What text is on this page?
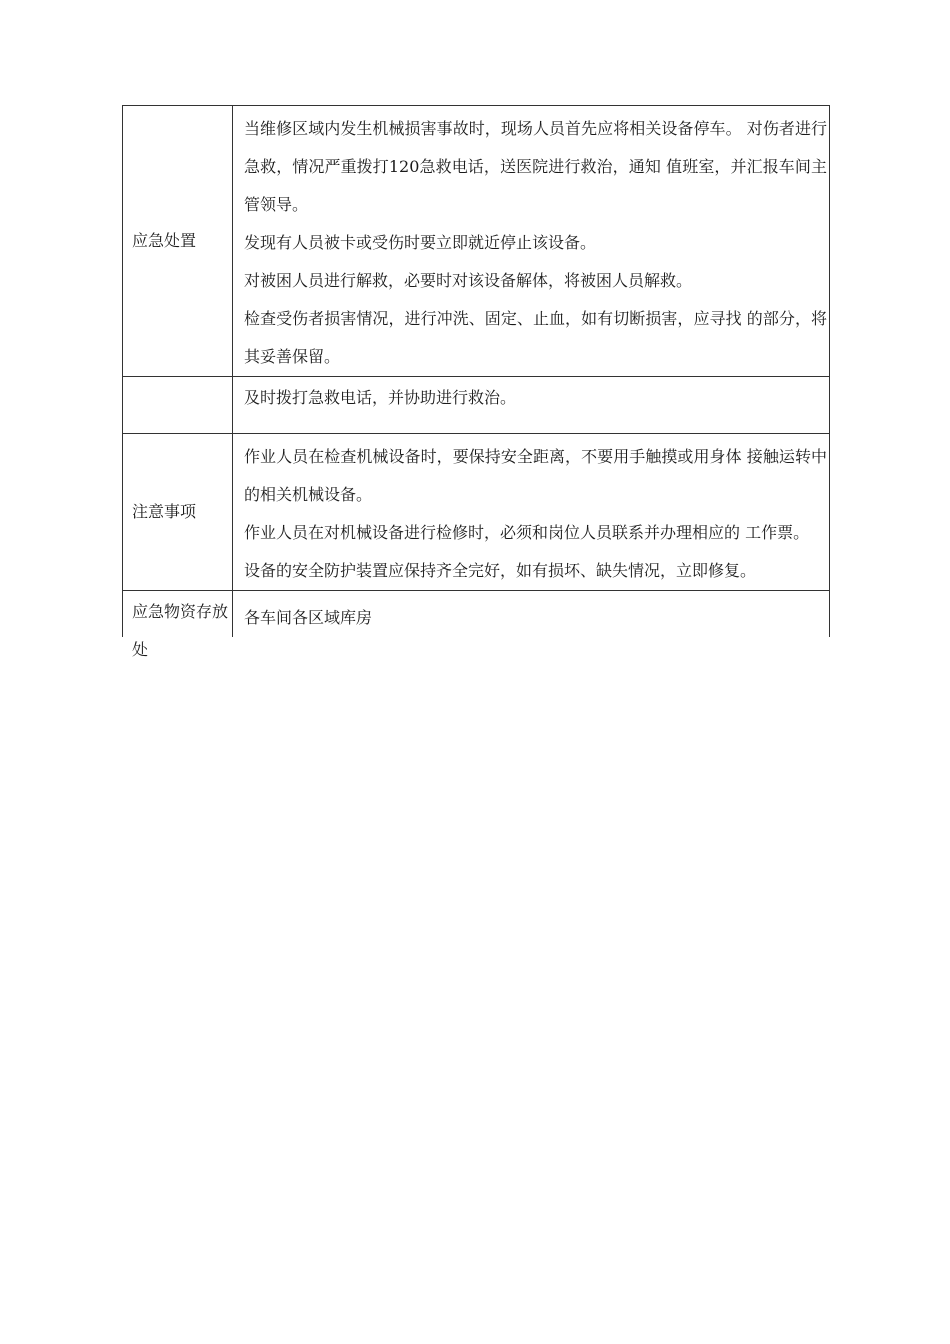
应急处置	当维修区域内发生机械损害事故时，现场人员首先应将相关设备停车。 对伤者进行急救，情况严重拨打120急救电话，送医院进行救治，通知 值班室，并汇报车间主管领导。

发现有人员被卡或受伤时要立即就近停止该设备。

对被困人员进行解救，必要时对该设备解体，将被困人员解救。

检查受伤者损害情况，进行冲洗、固定、止血，如有切断损害，应寻找 的部分，将其妥善保留。

	及时拨打急救电话，并协助进行救治。

注意事项	作业人员在检查机械设备时，要保持安全距离，不要用手触摸或用身体 接触运转中的相关机械设备。

作业人员在对机械设备进行检修时，必须和岗位人员联系并办理相应的 工作票。

设备的安全防护装置应保持齐全完好，如有损坏、缺失情况，立即修复。

应急物资存放处	各车间各区域库房
